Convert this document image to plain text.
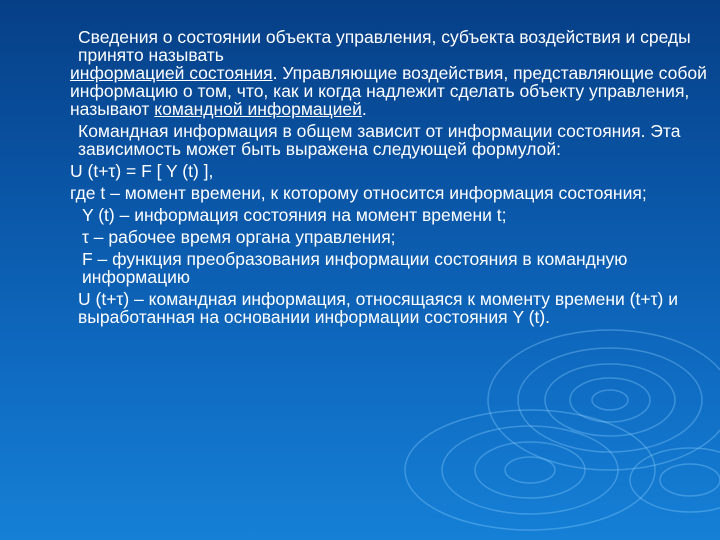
Сведения о состоянии объекта управления, субъекта воздействия и среды принято называтьинформацией состояния. Управляющие воздействия, представляющие собой информацию о том, что, как и когда надлежит сделать объекту управления, называют командной информацией.
Командная информация в общем зависит от информации состояния. Эта зависимость может быть выражена следующей формулой:
U (t+τ) = F [ Y (t) ],
где t – момент времени, к которому относится информация состояния;
Y (t) – информация состояния на момент времени t;
τ – рабочее время органа управления;
F – функция преобразования информации состояния в командную информацию
U (t+τ) – командная информация, относящаяся к моменту времени (t+τ) и выработанная на основании информации состояния Y (t).
